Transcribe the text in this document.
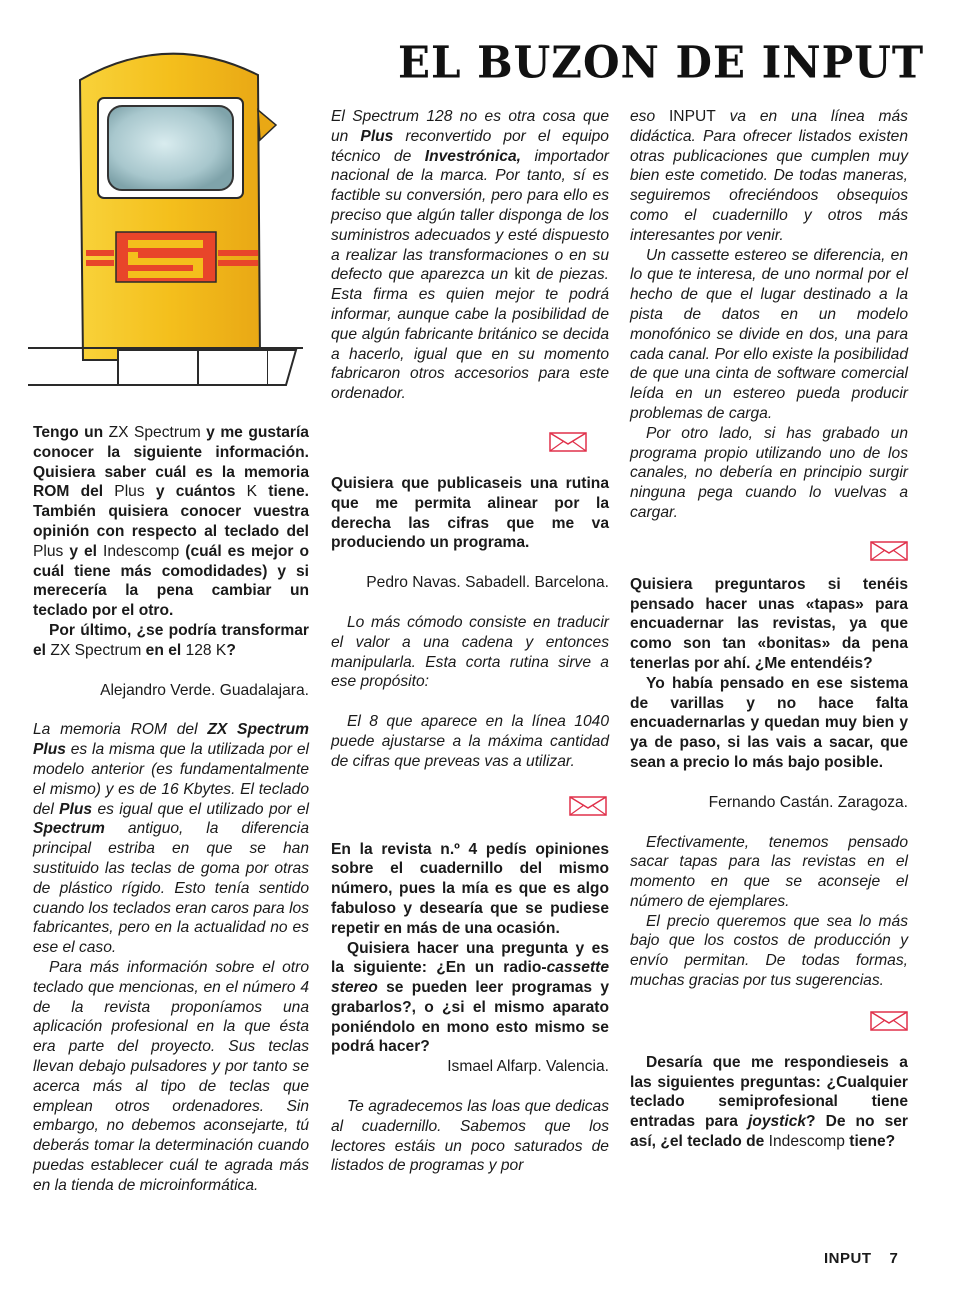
EL BUZON DE INPUT

Tengo un ZX Spectrum y me gustaría conocer la siguiente información. Quisiera saber cuál es la memoria ROM del Plus y cuántos K tiene. También quisiera conocer vuestra opinión con respecto al teclado del Plus y el Indescomp (cuál es mejor o cuál tiene más comodidades) y si merecería la pena cambiar un teclado por el otro.

Por último, ¿se podría transformar el ZX Spectrum en el 128 K?

Alejandro Verde. Guadalajara.

La memoria ROM del ZX Spectrum Plus es la misma que la utilizada por el modelo anterior (es fundamentalmente el mismo) y es de 16 Kbytes. El teclado del Plus es igual que el utilizado por el Spectrum antiguo, la diferencia principal estriba en que se han sustituido las teclas de goma por otras de plástico rígido. Esto tenía sentido cuando los teclados eran caros para los fabricantes, pero en la actualidad no es ese el caso.

Para más información sobre el otro teclado que mencionas, en el número 4 de la revista proponíamos una aplicación profesional en la que ésta era parte del proyecto. Sus teclas llevan debajo pulsadores y por tanto se acerca más al tipo de teclas que emplean otros ordenadores. Sin embargo, no debemos aconsejarte, tú deberás tomar la determinación cuando puedas establecer cuál te agrada más en la tienda de microinformática.

El Spectrum 128 no es otra cosa que un Plus reconvertido por el equipo técnico de Investrónica, importador nacional de la marca. Por tanto, sí es factible su conversión, pero para ello es preciso que algún taller disponga de los suministros adecuados y esté dispuesto a realizar las transformaciones o en su defecto que aparezca un kit de piezas. Esta firma es quien mejor te podrá informar, aunque cabe la posibilidad de que algún fabricante británico se decida a hacerlo, igual que en su momento fabricaron otros accesorios para este ordenador.

Quisiera que publicaseis una rutina que me permita alinear por la derecha las cifras que me va produciendo un programa.

Pedro Navas. Sabadell. Barcelona.

Lo más cómodo consiste en traducir el valor a una cadena y entonces manipularla. Esta corta rutina sirve a ese propósito:

El 8 que aparece en la línea 1040 puede ajustarse a la máxima cantidad de cifras que preveas vas a utilizar.

En la revista n.º 4 pedís opiniones sobre el cuadernillo del mismo número, pues la mía es que es algo fabuloso y desearía que se pudiese repetir en más de una ocasión.

Quisiera hacer una pregunta y es la siguiente: ¿En un radio-cassette stereo se pueden leer programas y grabarlos?, o ¿si el mismo aparato poniéndolo en mono esto mismo se podrá hacer?

Ismael Alfarp. Valencia.

Te agradecemos las loas que dedicas al cuadernillo. Sabemos que los lectores estáis un poco saturados de listados de programas y por

eso INPUT va en una línea más didáctica. Para ofrecer listados existen otras publicaciones que cumplen muy bien este cometido. De todas maneras, seguiremos ofreciéndoos obsequios como el cuadernillo y otros más interesantes por venir.

Un cassette estereo se diferencia, en lo que te interesa, de uno normal por el hecho de que el lugar destinado a la pista de datos en un modelo monofónico se divide en dos, una para cada canal. Por ello existe la posibilidad de que una cinta de software comercial leída en un estereo pueda producir problemas de carga.

Por otro lado, si has grabado un programa propio utilizando uno de los canales, no debería en principio surgir ninguna pega cuando lo vuelvas a cargar.

Quisiera preguntaros si tenéis pensado hacer unas «tapas» para encuadernar las revistas, ya que como son tan «bonitas» da pena tenerlas por ahí. ¿Me entendéis?

Yo había pensado en ese sistema de varillas y no hace falta encuadernarlas y quedan muy bien y ya de paso, si las vais a sacar, que sean a precio lo más bajo posible.

Fernando Castán. Zaragoza.

Efectivamente, tenemos pensado sacar tapas para las revistas en el momento en que se aconseje el número de ejemplares.

El precio queremos que sea lo más bajo que los costos de producción y envío permitan. De todas formas, muchas gracias por tus sugerencias.

Desaría que me respondieseis a las siguientes preguntas: ¿Cualquier teclado semiprofesional tiene entradas para joystick? De no ser así, ¿el teclado de Indescomp tiene?

INPUT 7
